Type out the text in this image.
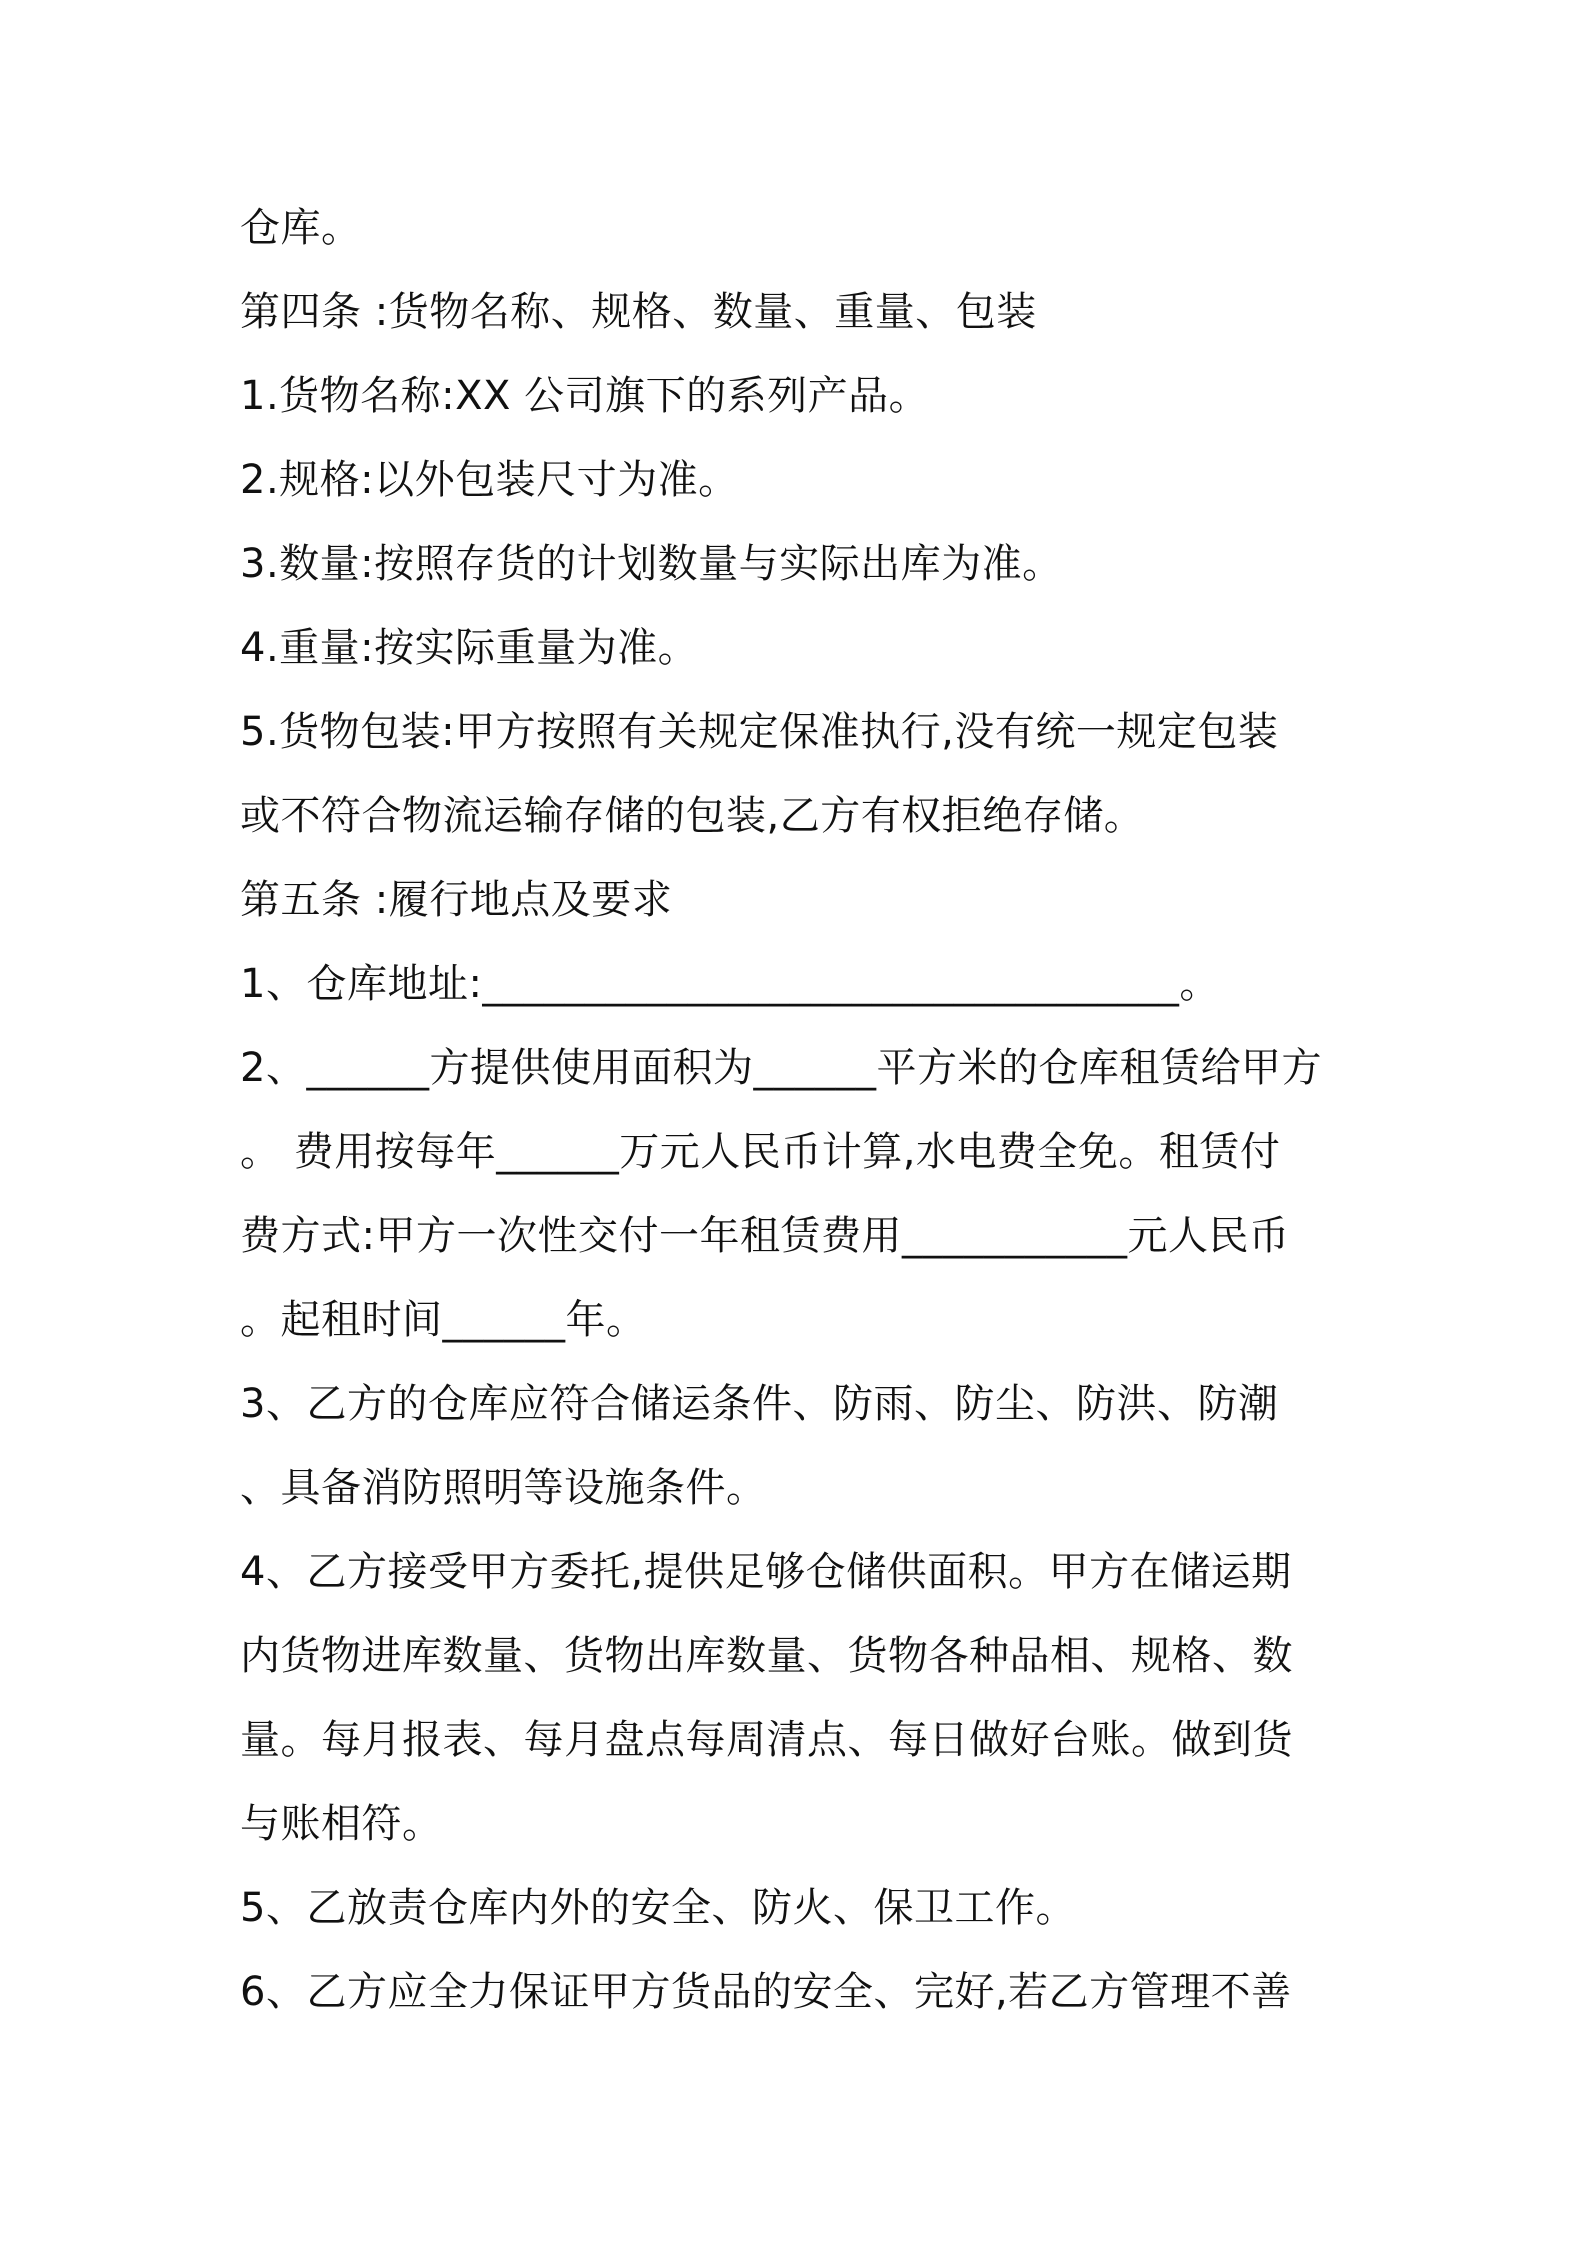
仓库。
第四条 :货物名称、规格、数量、重量、包装
1.货物名称:XX 公司旗下的系列产品。
2.规格:以外包装尺寸为准。
3.数量:按照存货的计划数量与实际出库为准。
4.重量:按实际重量为准。
5.货物包装:甲方按照有关规定保准执行,没有统一规定包装
或不符合物流运输存储的包装,乙方有权拒绝存储。
第五条 :履行地点及要求
1、仓库地址:__________________________________。
2、______方提供使用面积为______平方米的仓库租赁给甲方
。 费用按每年______万元人民币计算,水电费全免。租赁付
费方式:甲方一次性交付一年租赁费用___________元人民币
。起租时间______年。
3、乙方的仓库应符合储运条件、防雨、防尘、防洪、防潮
、具备消防照明等设施条件。
4、乙方接受甲方委托,提供足够仓储供面积。甲方在储运期
内货物进库数量、货物出库数量、货物各种品相、规格、数
量。每月报表、每月盘点每周清点、每日做好台账。做到货
与账相符。
5、乙放责仓库内外的安全、防火、保卫工作。
6、乙方应全力保证甲方货品的安全、完好,若乙方管理不善
